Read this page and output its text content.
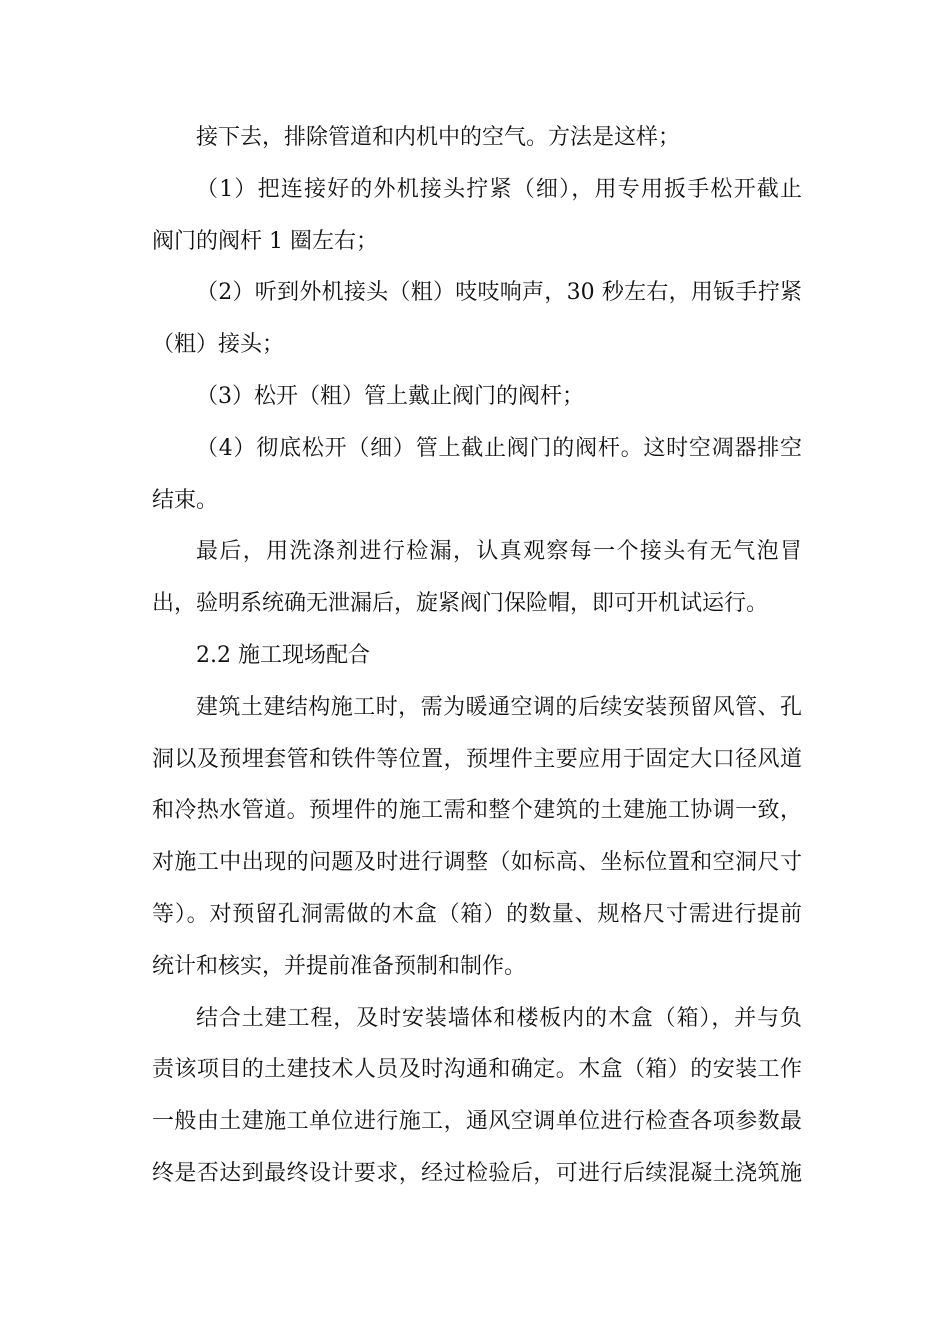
接下去，排除管道和内机中的空气。方法是这样；
（1）把连接好的外机接头拧紧（细），用专用扳手松开截止
阀门的阀杆 1 圈左右；
（2）听到外机接头（粗）吱吱响声，30 秒左右，用钣手拧紧
（粗）接头；
（3）松开（粗）管上戴止阀门的阀杆；
（4）彻底松开（细）管上截止阀门的阀杆。这时空凋器排空
结束。
最后，用洗涤剂进行检漏，认真观察每一个接头有无气泡冒
出，验明系统确无泄漏后，旋紧阀门保险帽，即可开机试运行。
2.2 施工现场配合
建筑土建结构施工时，需为暖通空调的后续安装预留风管、孔
洞以及预埋套管和铁件等位置，预埋件主要应用于固定大口径风道
和冷热水管道。预埋件的施工需和整个建筑的土建施工协调一致，
对施工中出现的问题及时进行调整（如标高、坐标位置和空洞尺寸
等）。对预留孔洞需做的木盒（箱）的数量、规格尺寸需进行提前
统计和核实，并提前准备预制和制作。
结合土建工程，及时安装墙体和楼板内的木盒（箱），并与负
责该项目的土建技术人员及时沟通和确定。木盒（箱）的安装工作
一般由土建施工单位进行施工，通风空调单位进行检查各项参数最
终是否达到最终设计要求，经过检验后，可进行后续混凝土浇筑施
